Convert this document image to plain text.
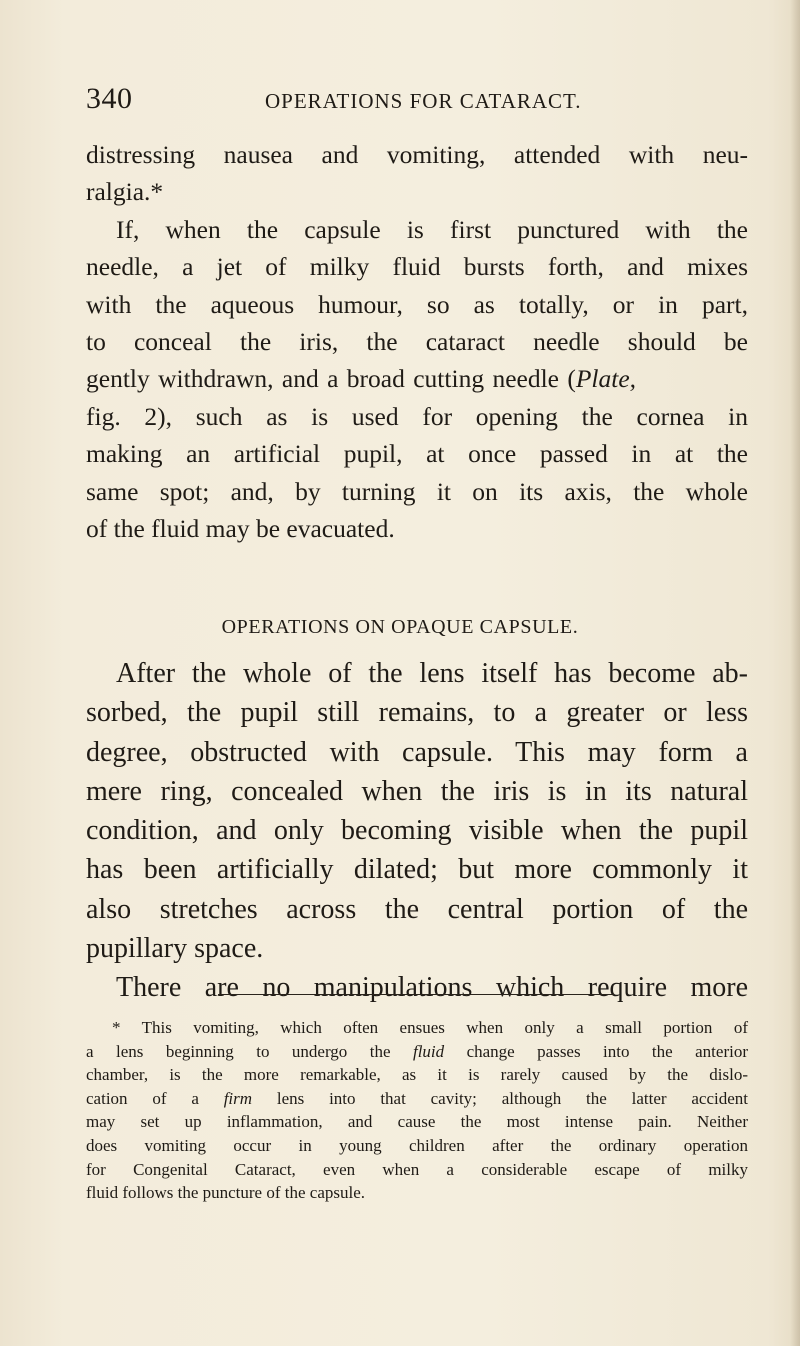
340	OPERATIONS FOR CATARACT.
distressing nausea and vomiting, attended with neu-
ralgia.*
If, when the capsule is first punctured with the
needle, a jet of milky fluid bursts forth, and mixes
with the aqueous humour, so as totally, or in part,
to conceal the iris, the cataract needle should be
gently withdrawn, and a broad cutting needle (Plate,
fig. 2), such as is used for opening the cornea in
making an artificial pupil, at once passed in at the
same spot; and, by turning it on its axis, the whole
of the fluid may be evacuated.
OPERATIONS ON OPAQUE CAPSULE.
After the whole of the lens itself has become ab-
sorbed, the pupil still remains, to a greater or less
degree, obstructed with capsule. This may form a
mere ring, concealed when the iris is in its natural
condition, and only becoming visible when the pupil
has been artificially dilated; but more commonly it
also stretches across the central portion of the
pupillary space.
There are no manipulations which require more
* This vomiting, which often ensues when only a small portion of
a lens beginning to undergo the fluid change passes into the anterior
chamber, is the more remarkable, as it is rarely caused by the dislo-
cation of a firm lens into that cavity; although the latter accident
may set up inflammation, and cause the most intense pain. Neither
does vomiting occur in young children after the ordinary operation
for Congenital Cataract, even when a considerable escape of milky
fluid follows the puncture of the capsule.
